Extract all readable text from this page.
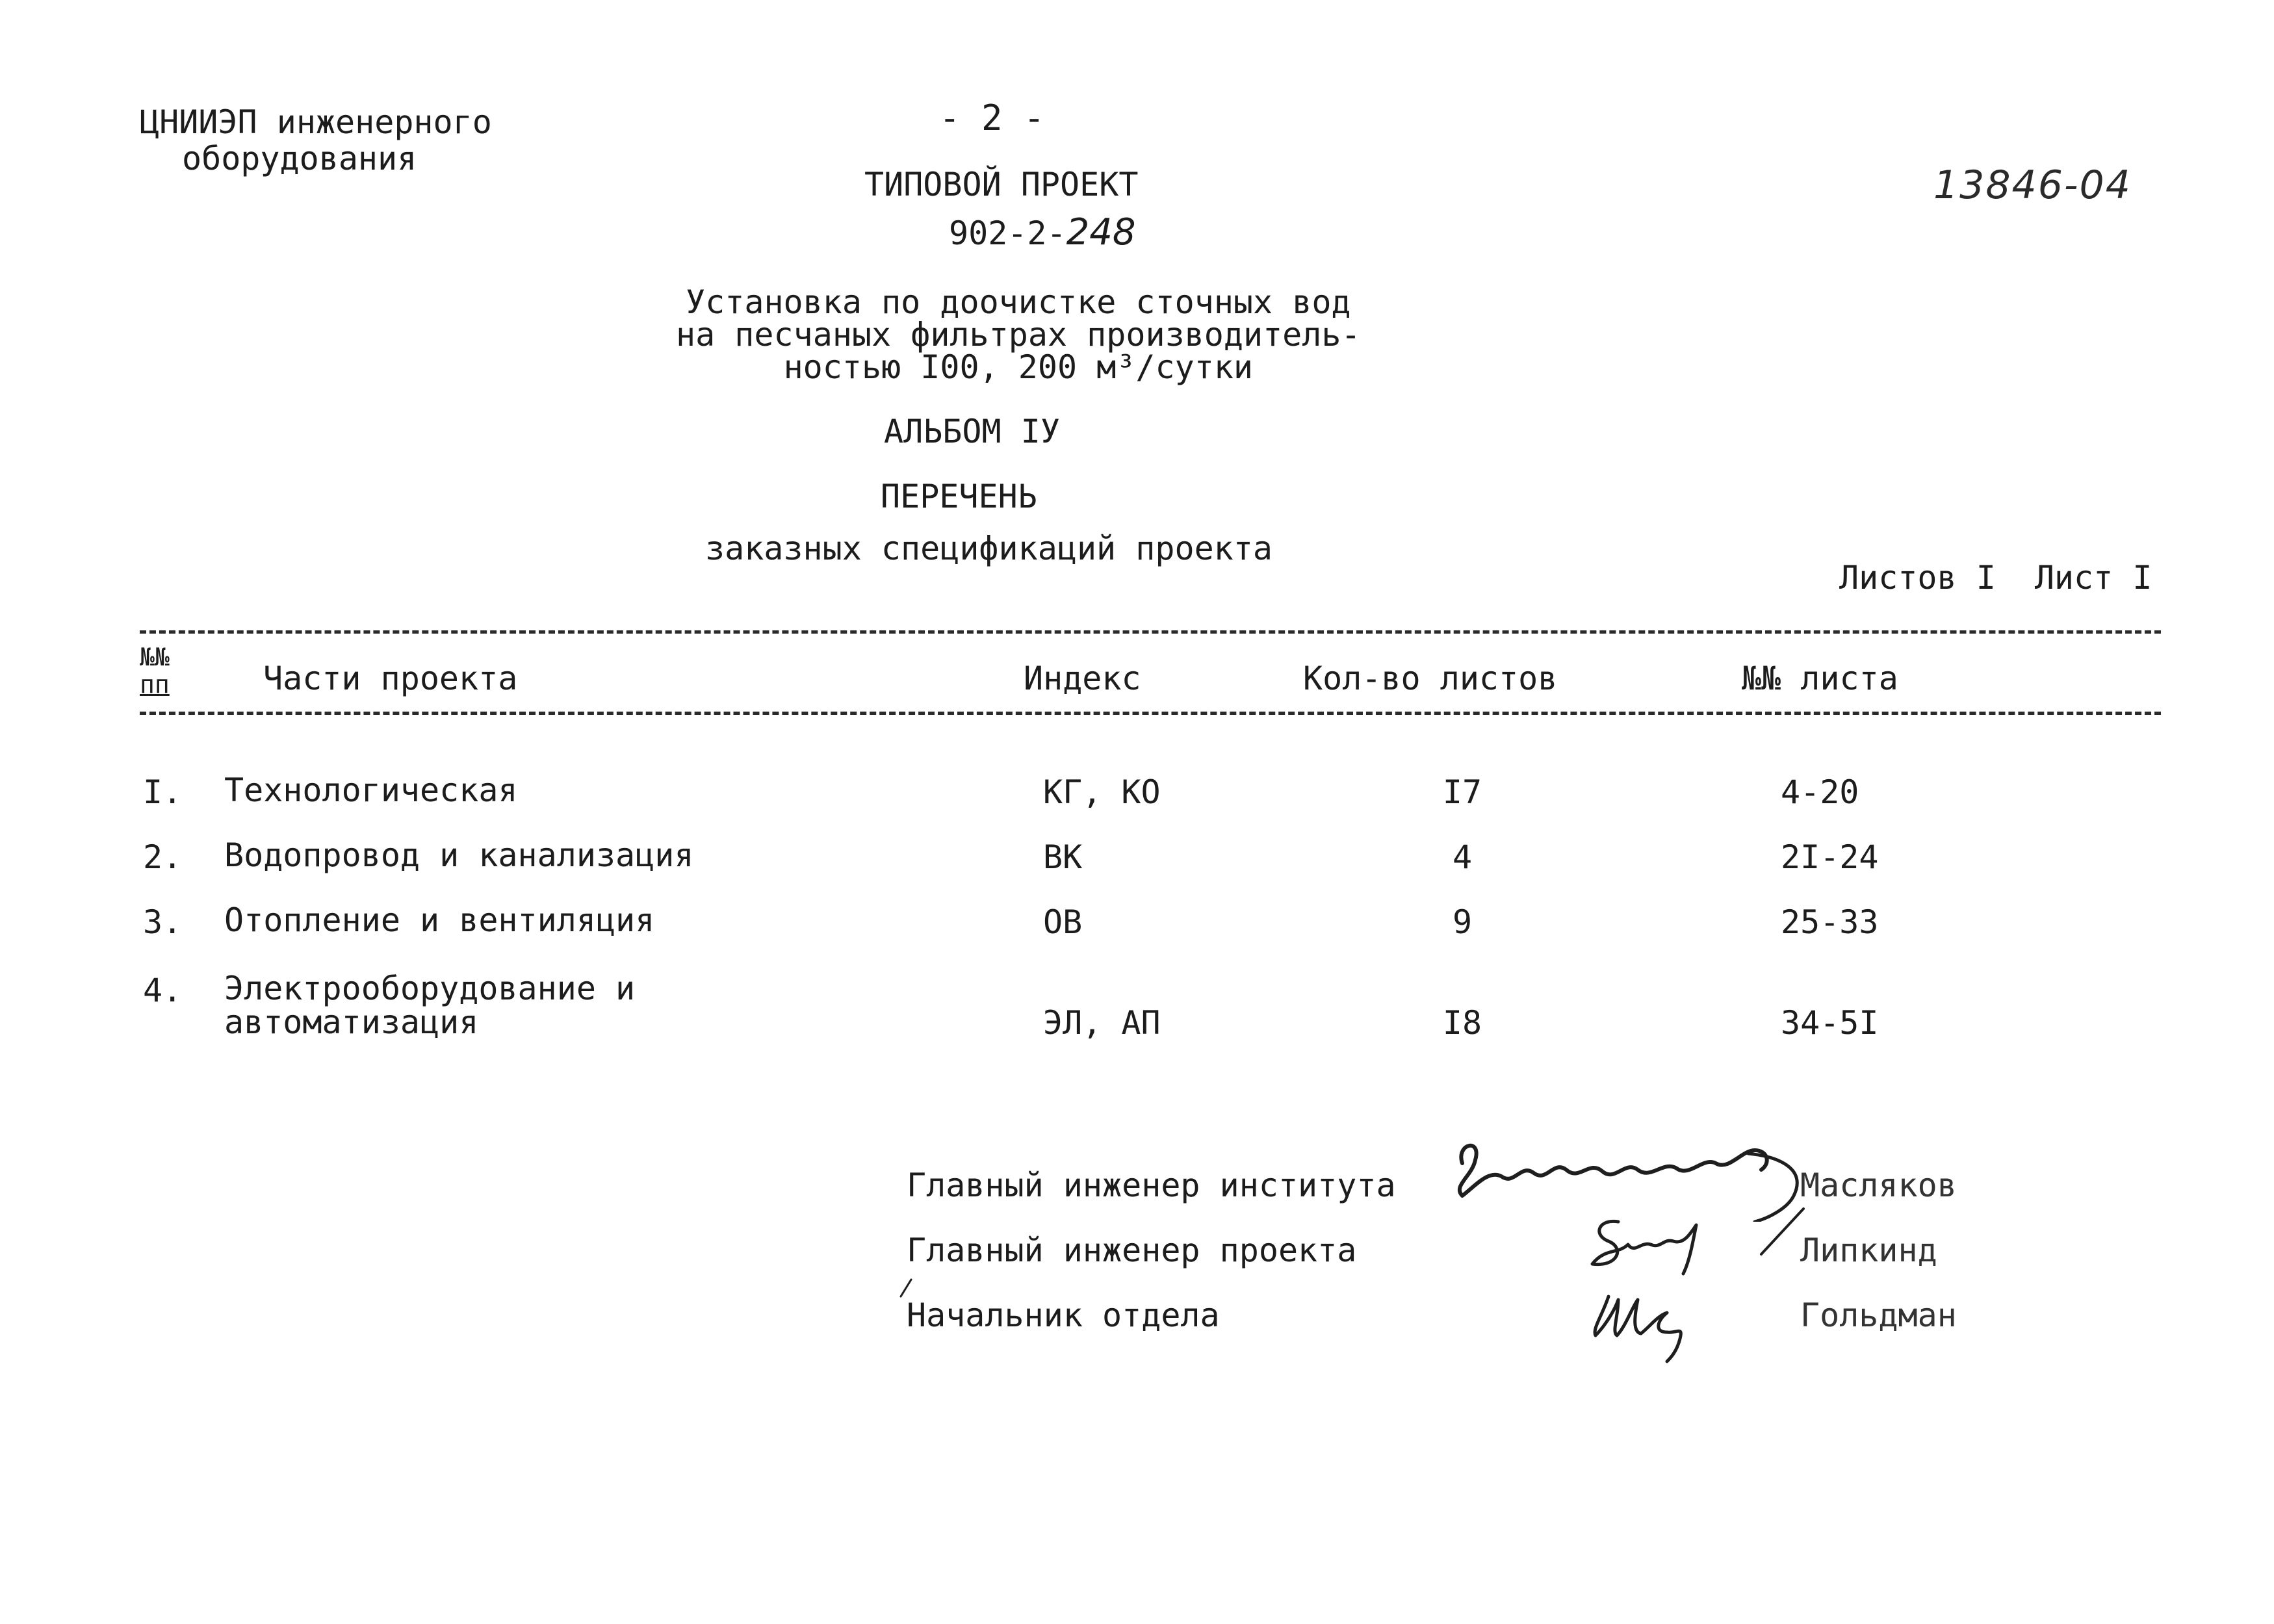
ЦНИИЭП инженерного
оборудования
- 2 -
13846-04
ТИПОВОЙ ПРОЕКТ
902-2-248
Установка по доочистке сточных вод
на песчаных фильтрах производитель-
ностью I00, 200 м³/сутки
АЛЬБОМ IУ
ПЕРЕЧЕНЬ
заказных спецификаций проекта
Листов I Лист I
№№
пп	Части проекта	Индекс	Кол-во листов	№№ листа
I. Технологическая	КГ, КО	I7	4-20
2. Водопровод и канализация	ВК	4	2I-24
3. Отопление и вентиляция	ОВ	9	25-33
4. Электрооборудование и
автоматизация	ЭЛ, АП	I8	34-5I
Главный инженер института	Масляков
Главный инженер проекта	Липкинд
Начальник отдела	Гольдман
